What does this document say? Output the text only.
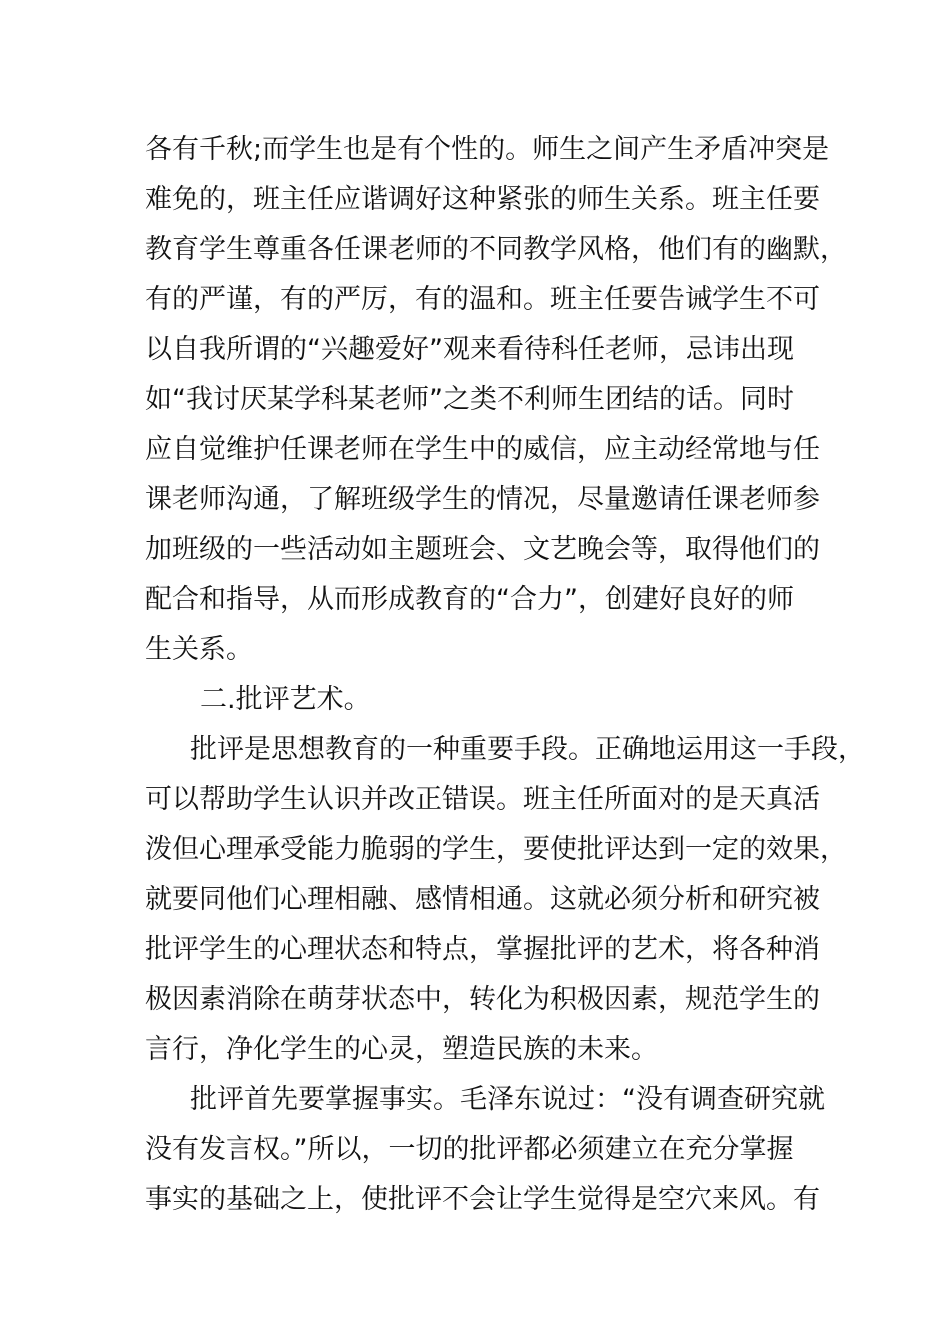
各有千秋;而学生也是有个性的。师生之间产生矛盾冲突是

难免的，班主任应谐调好这种紧张的师生关系。班主任要

教育学生尊重各任课老师的不同教学风格，他们有的幽默，

有的严谨，有的严厉，有的温和。班主任要告诫学生不可

以自我所谓的“兴趣爱好”观来看待科任老师，忌讳出现

如“我讨厌某学科某老师”之类不利师生团结的话。同时

应自觉维护任课老师在学生中的威信，应主动经常地与任

课老师沟通，了解班级学生的情况，尽量邀请任课老师参

加班级的一些活动如主题班会、文艺晚会等，取得他们的

配合和指导，从而形成教育的“合力”，创建好良好的师

生关系。

二.批评艺术。

批评是思想教育的一种重要手段。正确地运用这一手段，

可以帮助学生认识并改正错误。班主任所面对的是天真活

泼但心理承受能力脆弱的学生，要使批评达到一定的效果，

就要同他们心理相融、感情相通。这就必须分析和研究被

批评学生的心理状态和特点，掌握批评的艺术，将各种消

极因素消除在萌芽状态中，转化为积极因素，规范学生的

言行，净化学生的心灵，塑造民族的未来。

批评首先要掌握事实。毛泽东说过：“没有调查研究就

没有发言权。”所以，一切的批评都必须建立在充分掌握

事实的基础之上，使批评不会让学生觉得是空穴来风。有
